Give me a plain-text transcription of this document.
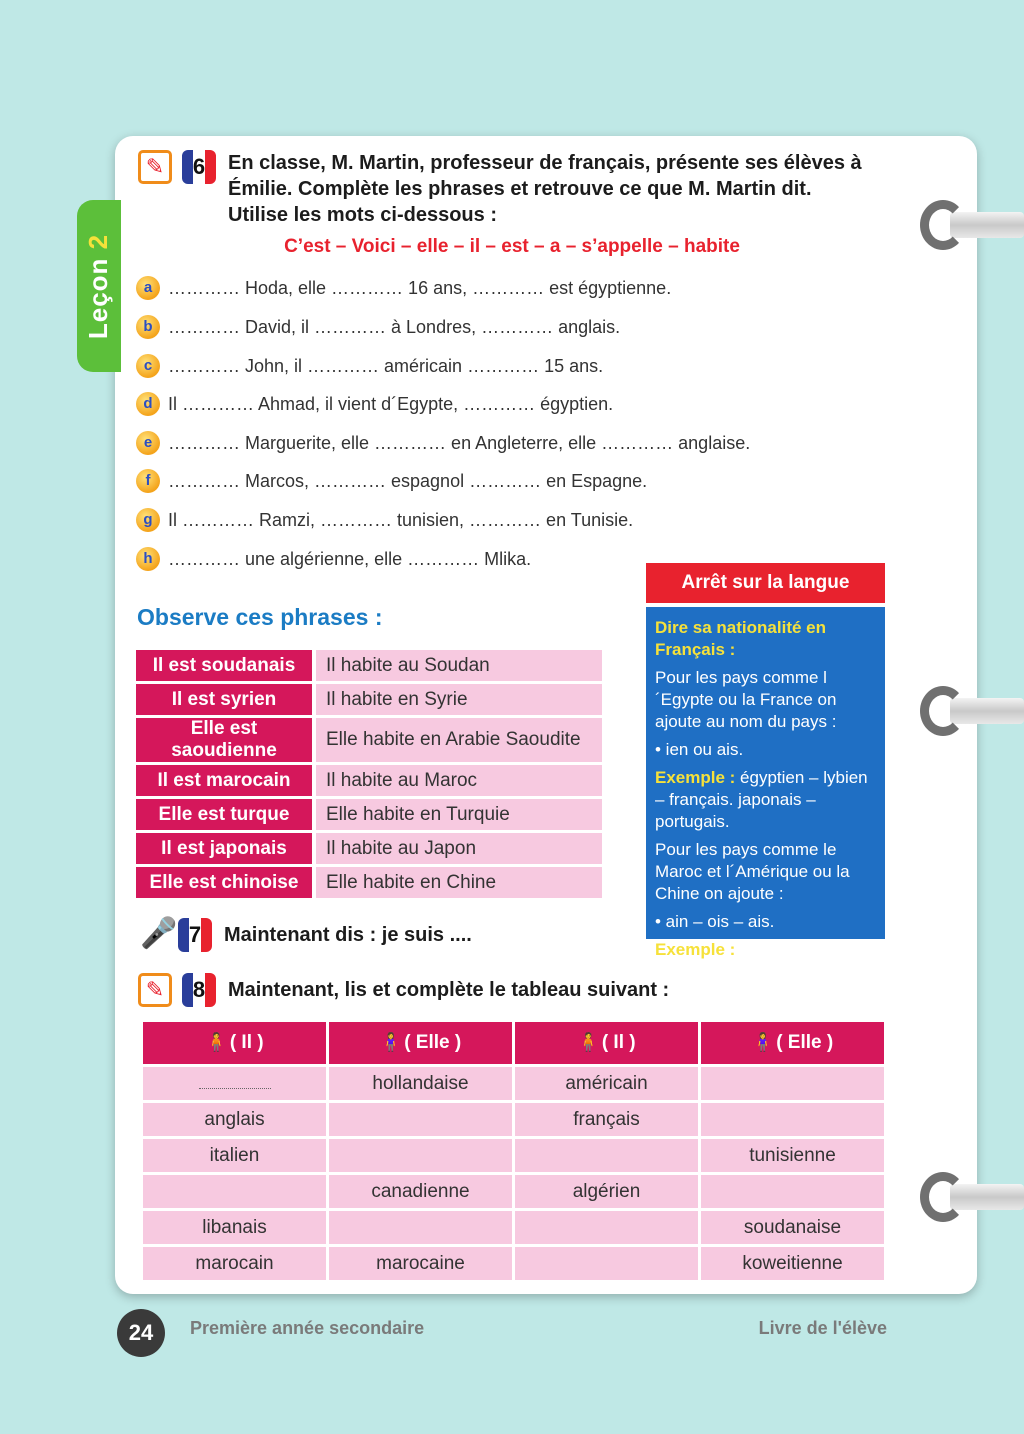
Leçon 2
✎	6	En classe, M. Martin, professeur de français, présente ses élèves à
Émilie. Complète les phrases et retrouve ce que M. Martin dit.
Utilise les mots ci-dessous :
C’est – Voici – elle – il – est – a – s’appelle – habite
a ………… Hoda, elle ………… 16 ans, ………… est égyptienne.
b ………… David, il ………… à Londres, ………… anglais.
c ………… John, il ………… américain ………… 15 ans.
d Il ………… Ahmad, il vient d´Egypte, ………… égyptien.
e ………… Marguerite, elle ………… en Angleterre, elle ………… anglaise.
f ………… Marcos, ………… espagnol ………… en Espagne.
g Il ………… Ramzi, ………… tunisien, ………… en Tunisie.
h ………… une algérienne, elle ………… Mlika.
Observe ces phrases :
Il est soudanais	Il habite au Soudan
Il est syrien	Il habite en Syrie
Elle est saoudienne	Elle habite en Arabie Saoudite
Il est marocain	Il habite au Maroc
Elle est turque	Elle habite en Turquie
Il est japonais	Il habite au Japon
Elle est chinoise	Elle habite en Chine
Arrêt sur la langue

Dire sa nationalité en Français :

Pour les pays comme l´Egypte ou la France on ajoute au nom du pays :

• ien ou ais.

Exemple : égyptien – lybien – français. japonais – portugais.

Pour les pays comme le Maroc et l´Amérique ou la Chine on ajoute :

• ain – ois – ais.

Exemple : chinois-suédois – américain.

🎤 7	Maintenant dis : je suis ....
✎	8	Maintenant, lis et complète le tableau suivant :
🧍 ( Il )	🧍‍♀️ ( Elle )	🧍 ( Il )	🧍‍♀️ ( Elle )
	hollandaise	américain	
anglais		français	
italien			tunisienne
	canadienne	algérien	
libanais			soudanaise
marocain	marocaine		koweitienne
24	Première année secondaire	Livre de l'élève
